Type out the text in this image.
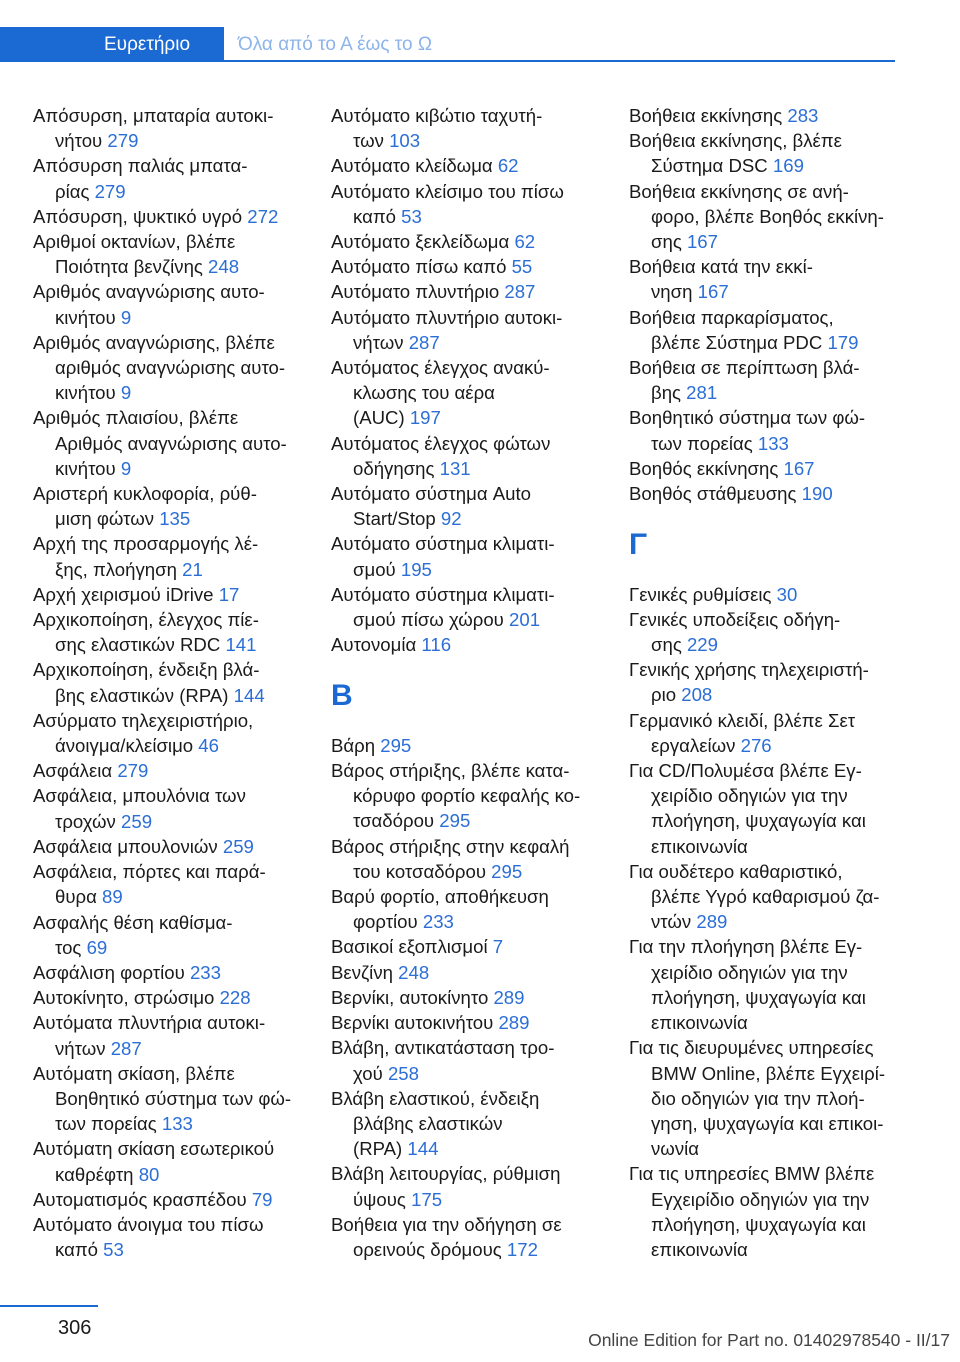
Ευρετήριο	Όλα από το Α έως το Ω
Απόσυρση, μπαταρία αυτοκι-
νήτου 279
Απόσυρση παλιάς μπατα-
ρίας 279
Απόσυρση, ψυκτικό υγρό 272
Αριθμοί οκτανίων, βλέπε
Ποιότητα βενζίνης 248
Αριθμός αναγνώρισης αυτο-
κινήτου 9
Αριθμός αναγνώρισης, βλέπε
αριθμός αναγνώρισης αυτο-
κινήτου 9
Αριθμός πλαισίου, βλέπε
Αριθμός αναγνώρισης αυτο-
κινήτου 9
Αριστερή κυκλοφορία, ρύθ-
μιση φώτων 135
Αρχή της προσαρμογής λέ-
ξης, πλοήγηση 21
Αρχή χειρισμού iDrive 17
Αρχικοποίηση, έλεγχος πίε-
σης ελαστικών RDC 141
Αρχικοποίηση, ένδειξη βλά-
βης ελαστικών (RPA) 144
Ασύρματο τηλεχειριστήριο,
άνοιγμα/κλείσιμο 46
Ασφάλεια 279
Ασφάλεια, μπουλόνια των
τροχών 259
Ασφάλεια μπουλονιών 259
Ασφάλεια, πόρτες και παρά-
θυρα 89
Ασφαλής θέση καθίσμα-
τος 69
Ασφάλιση φορτίου 233
Αυτοκίνητο, στρώσιμο 228
Αυτόματα πλυντήρια αυτοκι-
νήτων 287
Αυτόματη σκίαση, βλέπε
Βοηθητικό σύστημα των φώ-
των πορείας 133
Αυτόματη σκίαση εσωτερικού
καθρέφτη 80
Αυτοματισμός κρασπέδου 79
Αυτόματο άνοιγμα του πίσω
καπό 53
Αυτόματο κιβώτιο ταχυτή-
των 103
Αυτόματο κλείδωμα 62
Αυτόματο κλείσιμο του πίσω
καπό 53
Αυτόματο ξεκλείδωμα 62
Αυτόματο πίσω καπό 55
Αυτόματο πλυντήριο 287
Αυτόματο πλυντήριο αυτοκι-
νήτων 287
Αυτόματος έλεγχος ανακύ-
κλωσης του αέρα
(AUC) 197
Αυτόματος έλεγχος φώτων
οδήγησης 131
Αυτόματο σύστημα Auto
Start/Stop 92
Αυτόματο σύστημα κλιματι-
σμού 195
Αυτόματο σύστημα κλιματι-
σμού πίσω χώρου 201
Αυτονομία 116
B
Βάρη 295
Βάρος στήριξης, βλέπε κατα-
κόρυφο φορτίο κεφαλής κο-
τσαδόρου 295
Βάρος στήριξης στην κεφαλή
του κοτσαδόρου 295
Βαρύ φορτίο, αποθήκευση
φορτίου 233
Βασικοί εξοπλισμοί 7
Βενζίνη 248
Βερνίκι, αυτοκίνητο 289
Βερνίκι αυτοκινήτου 289
Βλάβη, αντικατάσταση τρο-
χού 258
Βλάβη ελαστικού, ένδειξη
βλάβης ελαστικών
(RPA) 144
Βλάβη λειτουργίας, ρύθμιση
ύψους 175
Βοήθεια για την οδήγηση σε
ορεινούς δρόμους 172
Βοήθεια εκκίνησης 283
Βοήθεια εκκίνησης, βλέπε
Σύστημα DSC 169
Βοήθεια εκκίνησης σε ανή-
φορο, βλέπε Βοηθός εκκίνη-
σης 167
Βοήθεια κατά την εκκί-
νηση 167
Βοήθεια παρκαρίσματος,
βλέπε Σύστημα PDC 179
Βοήθεια σε περίπτωση βλά-
βης 281
Βοηθητικό σύστημα των φώ-
των πορείας 133
Βοηθός εκκίνησης 167
Βοηθός στάθμευσης 190
Γ
Γενικές ρυθμίσεις 30
Γενικές υποδείξεις οδήγη-
σης 229
Γενικής χρήσης τηλεχειριστή-
ριο 208
Γερμανικό κλειδί, βλέπε Σετ
εργαλείων 276
Για CD/Πολυμέσα βλέπε Εγ-
χειρίδιο οδηγιών για την
πλοήγηση, ψυχαγωγία και
επικοινωνία
Για ουδέτερο καθαριστικό,
βλέπε Υγρό καθαρισμού ζα-
ντών 289
Για την πλοήγηση βλέπε Εγ-
χειρίδιο οδηγιών για την
πλοήγηση, ψυχαγωγία και
επικοινωνία
Για τις διευρυμένες υπηρεσίες
BMW Online, βλέπε Εγχειρί-
διο οδηγιών για την πλοή-
γηση, ψυχαγωγία και επικοι-
νωνία
Για τις υπηρεσίες BMW βλέπε
Εγχειρίδιο οδηγιών για την
πλοήγηση, ψυχαγωγία και
επικοινωνία
306
Online Edition for Part no. 01402978540 - II/17
